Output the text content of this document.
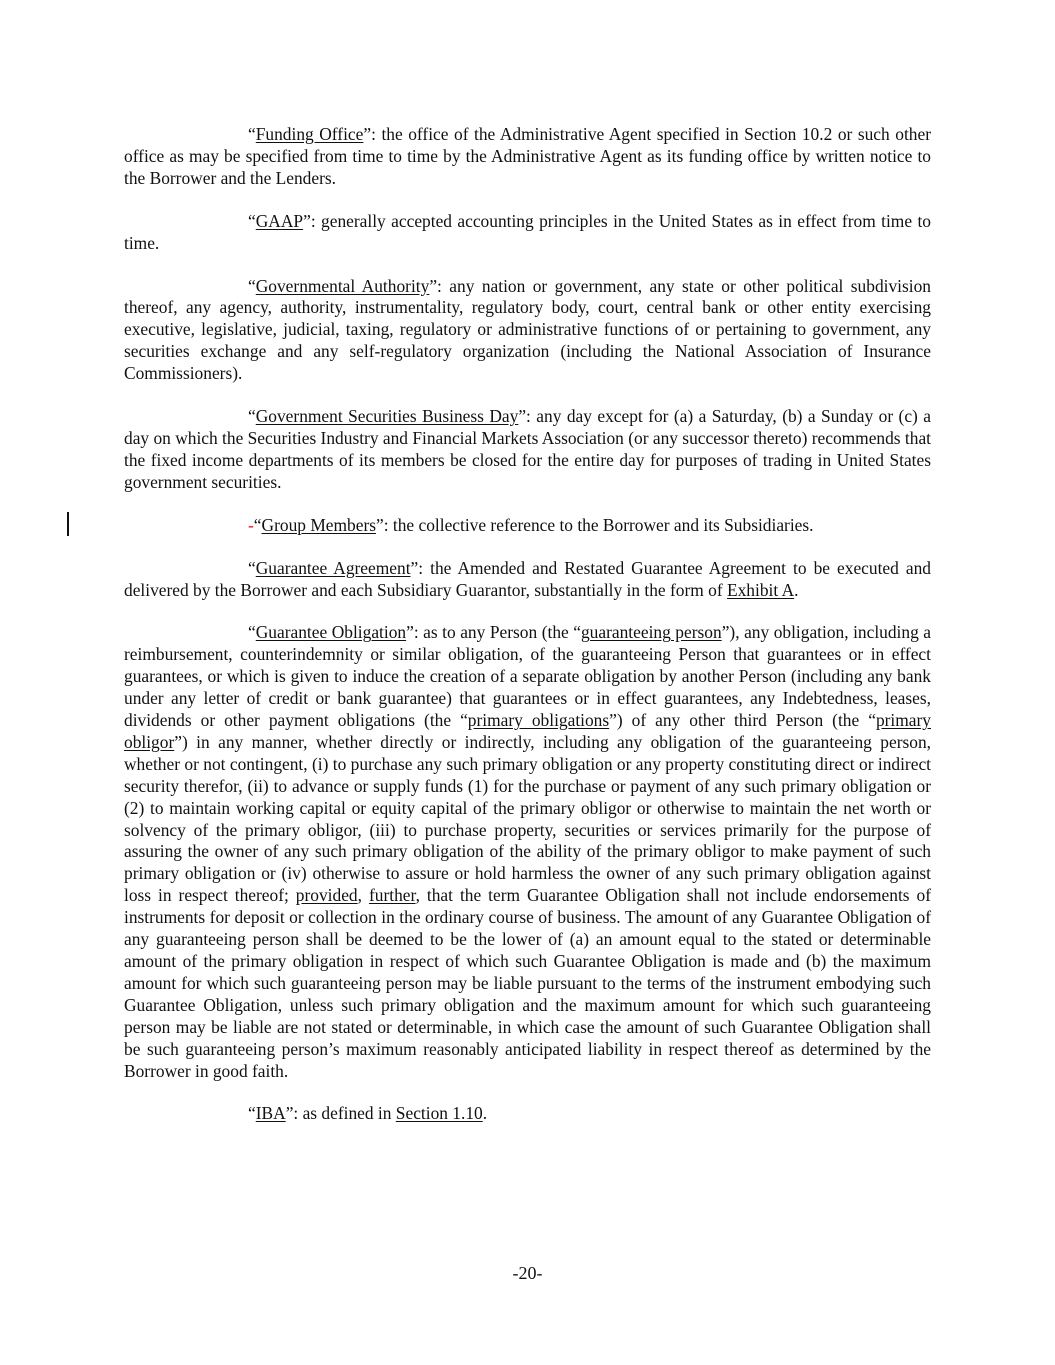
“Funding Office”: the office of the Administrative Agent specified in Section 10.2 or such other office as may be specified from time to time by the Administrative Agent as its funding office by written notice to the Borrower and the Lenders.

“GAAP”: generally accepted accounting principles in the United States as in effect from time to time.

“Governmental Authority”: any nation or government, any state or other political subdivision thereof, any agency, authority, instrumentality, regulatory body, court, central bank or other entity exercising executive, legislative, judicial, taxing, regulatory or administrative functions of or pertaining to government, any securities exchange and any self-regulatory organization (including the National Association of Insurance Commissioners).

“Government Securities Business Day”: any day except for (a) a Saturday, (b) a Sunday or (c) a day on which the Securities Industry and Financial Markets Association (or any successor thereto) recommends that the fixed income departments of its members be closed for the entire day for purposes of trading in United States government securities.

-“Group Members”: the collective reference to the Borrower and its Subsidiaries.

“Guarantee Agreement”: the Amended and Restated Guarantee Agreement to be executed and delivered by the Borrower and each Subsidiary Guarantor, substantially in the form of Exhibit A.

“Guarantee Obligation”: as to any Person (the “guaranteeing person”), any obligation, including a reimbursement, counterindemnity or similar obligation, of the guaranteeing Person that guarantees or in effect guarantees, or which is given to induce the creation of a separate obligation by another Person (including any bank under any letter of credit or bank guarantee) that guarantees or in effect guarantees, any Indebtedness, leases, dividends or other payment obligations (the “primary obligations”) of any other third Person (the “primary obligor”) in any manner, whether directly or indirectly, including any obligation of the guaranteeing person, whether or not contingent, (i) to purchase any such primary obligation or any property constituting direct or indirect security therefor, (ii) to advance or supply funds (1) for the purchase or payment of any such primary obligation or (2) to maintain working capital or equity capital of the primary obligor or otherwise to maintain the net worth or solvency of the primary obligor, (iii) to purchase property, securities or services primarily for the purpose of assuring the owner of any such primary obligation of the ability of the primary obligor to make payment of such primary obligation or (iv) otherwise to assure or hold harmless the owner of any such primary obligation against loss in respect thereof; provided, further, that the term Guarantee Obligation shall not include endorsements of instruments for deposit or collection in the ordinary course of business. The amount of any Guarantee Obligation of any guaranteeing person shall be deemed to be the lower of (a) an amount equal to the stated or determinable amount of the primary obligation in respect of which such Guarantee Obligation is made and (b) the maximum amount for which such guaranteeing person may be liable pursuant to the terms of the instrument embodying such Guarantee Obligation, unless such primary obligation and the maximum amount for which such guaranteeing person may be liable are not stated or determinable, in which case the amount of such Guarantee Obligation shall be such guaranteeing person’s maximum reasonably anticipated liability in respect thereof as determined by the Borrower in good faith.

“IBA”: as defined in Section 1.10.

-20-
